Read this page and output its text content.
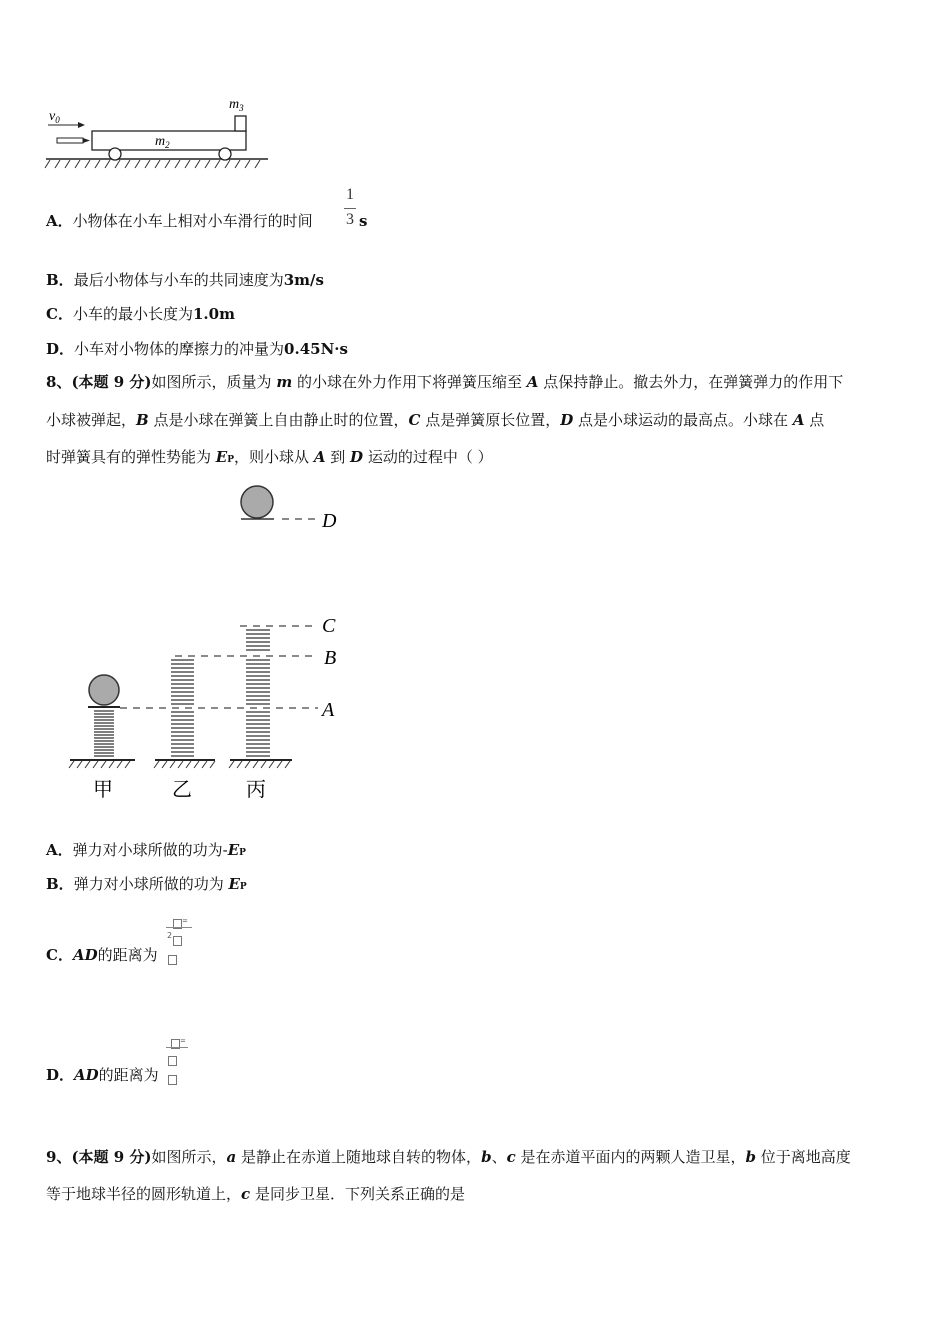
$v_0$
$m_2$
$m_3$
A．小物体在小车上相对小车滑行的时间
1
3 s
B．最后小物体与小车的共同速度为3m/s
C．小车的最小长度为1.0m
D．小车对小物体的摩擦力的冲量为0.45N·s
8、(本题 9 分)如图所示，质量为 m 的小球在外力作用下将弹簧压缩至 A 点保持静止。撤去外力，在弹簧弹力的作用下
小球被弹起，B 点是小球在弹簧上自由静止时的位置，C 点是弹簧原长位置，D 点是小球运动的最高点。小球在 A 点
时弹簧具有的弹性势能为 EP，则小球从 A 到 D 运动的过程中（ ）
D
C
B
A
甲	乙	丙
A．弹力对小球所做的功为-EP
B．弹力对小球所做的功为 EP
=
2
C．AD的距离为
=
D．AD的距离为
9、(本题 9 分)如图所示，a 是静止在赤道上随地球自转的物体，b、c 是在赤道平面内的两颗人造卫星，b 位于离地高度
等于地球半径的圆形轨道上，c 是同步卫星．下列关系正确的是
